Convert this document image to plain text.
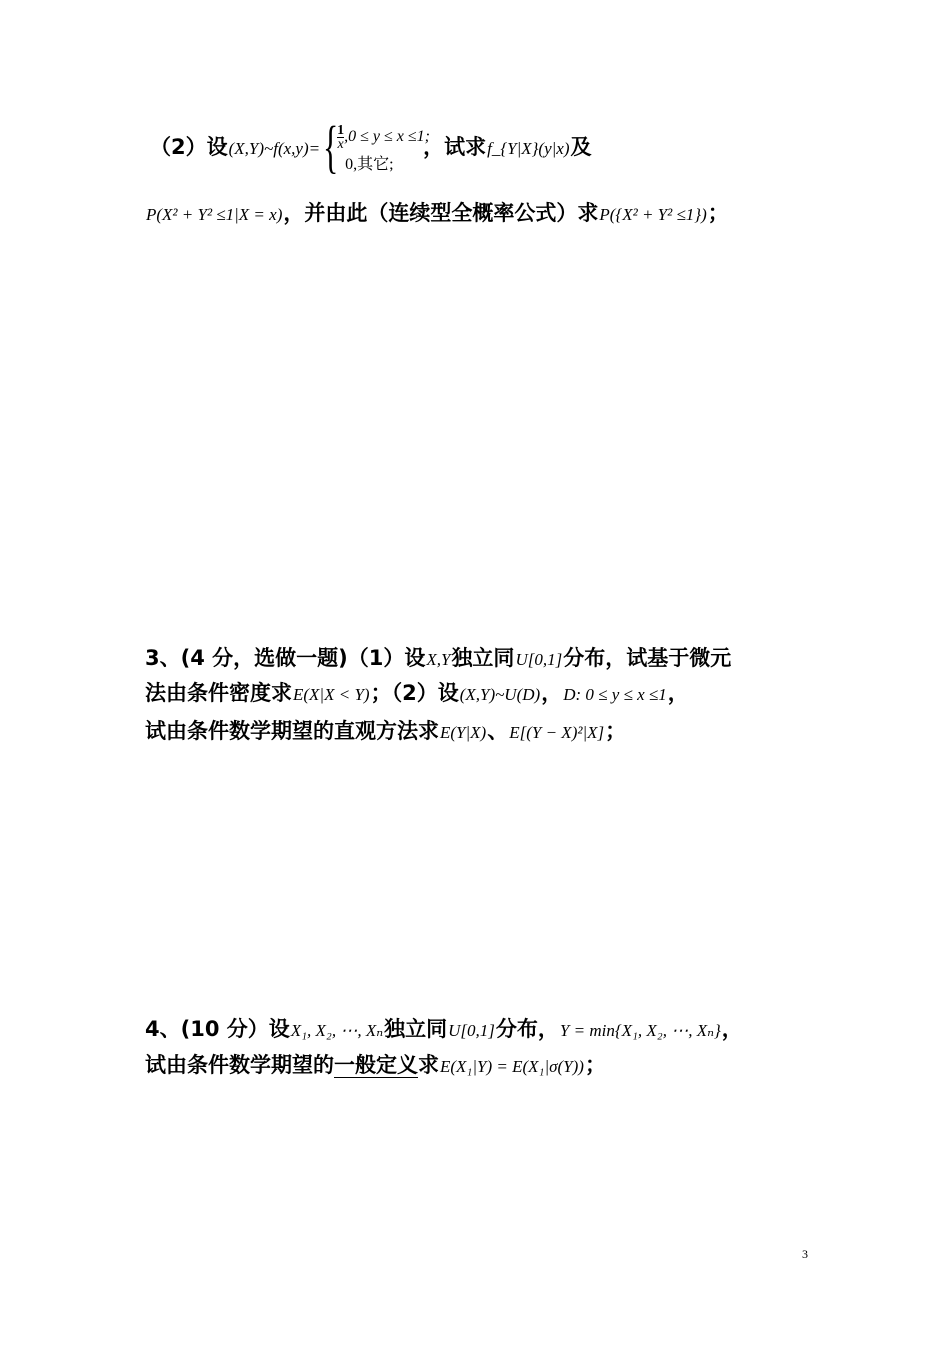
（2）设(X,Y)~f(x,y)= {
$\frac{1}{x} ,0 \le y \le x \le 1$;
0,其它;
，试求f_{Y|X}(y|x)及
P(X² + Y² ≤1|X = x)，并由此（连续型全概率公式）求P({X² + Y² ≤1})；
3、(4 分，选做一题)（1）设X,Y独立同U[0,1]分布，试基于微元
法由条件密度求E(X|X < Y)；（2）设(X,Y)~U(D)，D: 0 ≤ y ≤ x ≤1，
试由条件数学期望的直观方法求E(Y|X)、E[(Y − X)²|X]；
4、(10 分）设X₁, X₂, ⋯, Xₙ独立同U[0,1]分布，Y = min{X₁, X₂, ⋯, Xₙ}，
试由条件数学期望的一般定义求E(X₁|Y) = E(X₁|σ(Y))；
3
